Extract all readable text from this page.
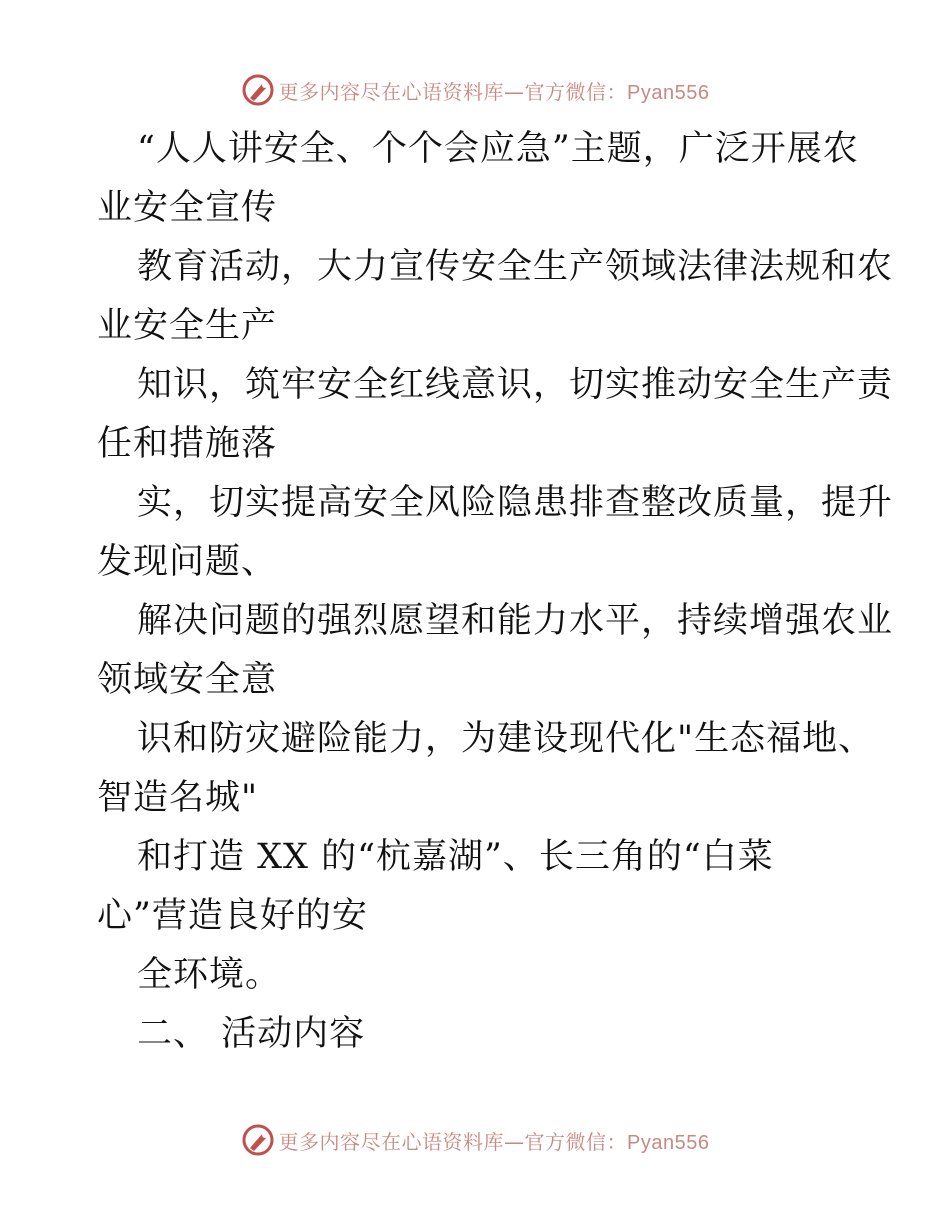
更多内容尽在心语资料库—官方微信：Pyan556
“人人讲安全、个个会应急”主题，广泛开展农
业安全宣传
教育活动，大力宣传安全生产领域法律法规和农
业安全生产
知识，筑牢安全红线意识，切实推动安全生产责
任和措施落
实，切实提高安全风险隐患排查整改质量，提升
发现问题、
解决问题的强烈愿望和能力水平，持续增强农业
领域安全意
识和防灾避险能力，为建设现代化"生态福地、
智造名城"
和打造 XX 的“杭嘉湖”、长三角的“白菜
心”营造良好的安
全环境。
二、 活动内容
更多内容尽在心语资料库—官方微信：Pyan556
